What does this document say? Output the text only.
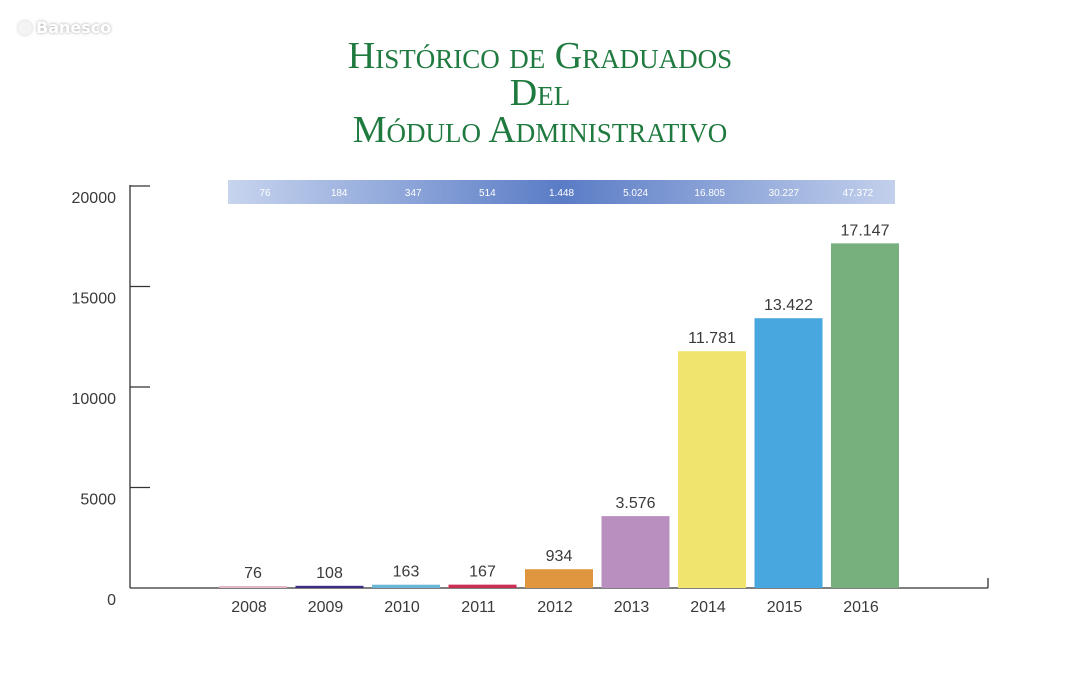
Banesco
Histórico de Graduados
Del
Módulo Administrativo
0
5000
10000
15000
20000	76	184	347	514	1.448	5.024	16.805	30.227	47.372
76
2008
108
2009
163
2010
167
2011
934
2012
3.576
2013
11.781
2014
13.422
2015
17.147
2016
